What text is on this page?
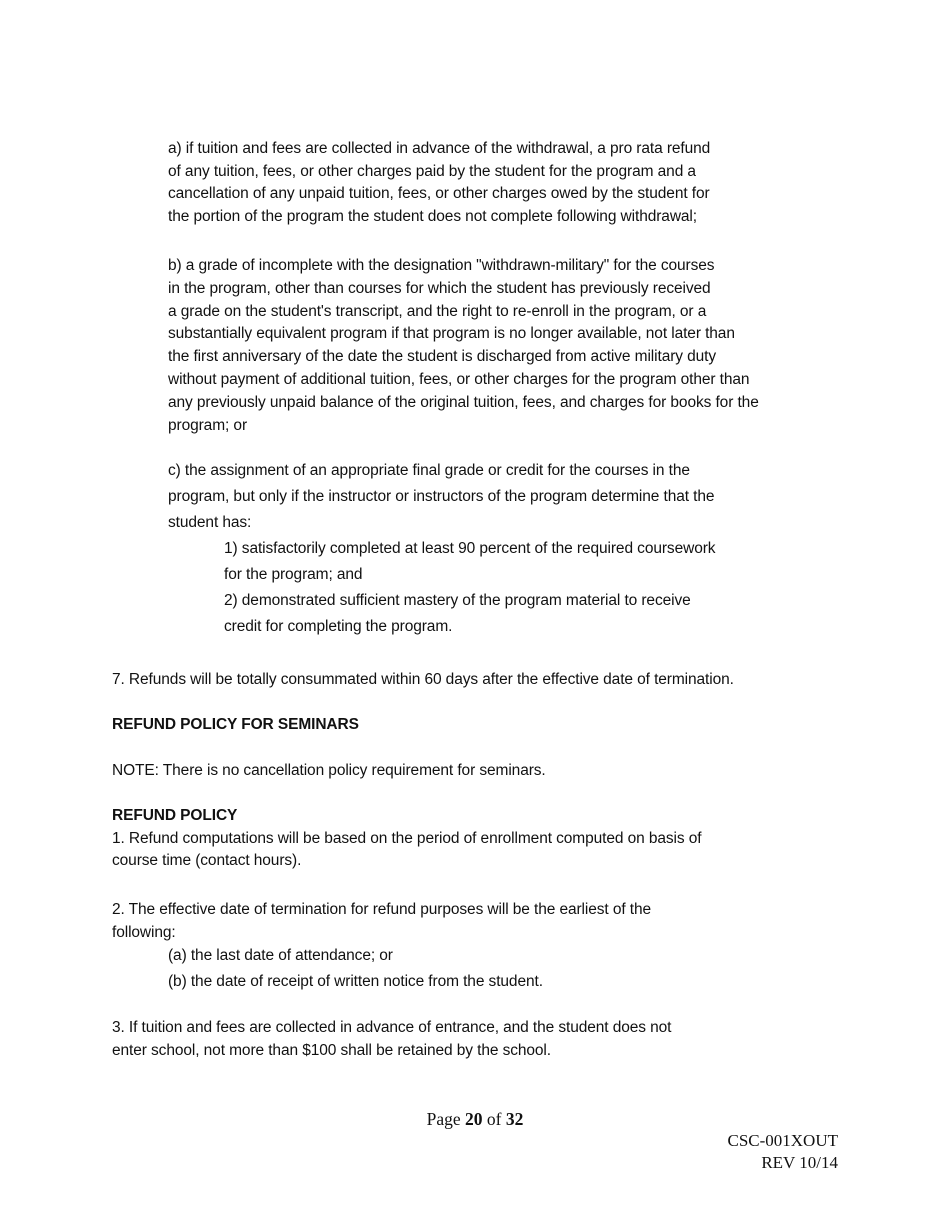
a) if tuition and fees are collected in advance of the withdrawal, a pro rata refund
of any tuition, fees, or other charges paid by the student for the program and a
cancellation of any unpaid tuition, fees, or other charges owed by the student for
the portion of the program the student does not complete following withdrawal;
b) a grade of incomplete with the designation "withdrawn-military" for the courses
in the program, other than courses for which the student has previously received
a grade on the student's transcript, and the right to re-enroll in the program, or a
substantially equivalent program if that program is no longer available, not later than
the first anniversary of the date the student is discharged from active military duty
without payment of additional tuition, fees, or other charges for the program other than
any previously unpaid balance of the original tuition, fees, and charges for books for the
program; or
c) the assignment of an appropriate final grade or credit for the courses in the
program, but only if the instructor or instructors of the program determine that the
student has:
1) satisfactorily completed at least 90 percent of the required coursework
for the program; and
2) demonstrated sufficient mastery of the program material to receive
credit for completing the program.
7. Refunds will be totally consummated within 60 days after the effective date of termination.
REFUND POLICY FOR SEMINARS
NOTE: There is no cancellation policy requirement for seminars.
REFUND POLICY
1. Refund computations will be based on the period of enrollment computed on basis of
course time (contact hours).
2. The effective date of termination for refund purposes will be the earliest of the
following:
(a) the last date of attendance; or
(b) the date of receipt of written notice from the student.
3. If tuition and fees are collected in advance of entrance, and the student does not
enter school, not more than $100 shall be retained by the school.
Page 20 of 32
CSC-001XOUT
REV 10/14
